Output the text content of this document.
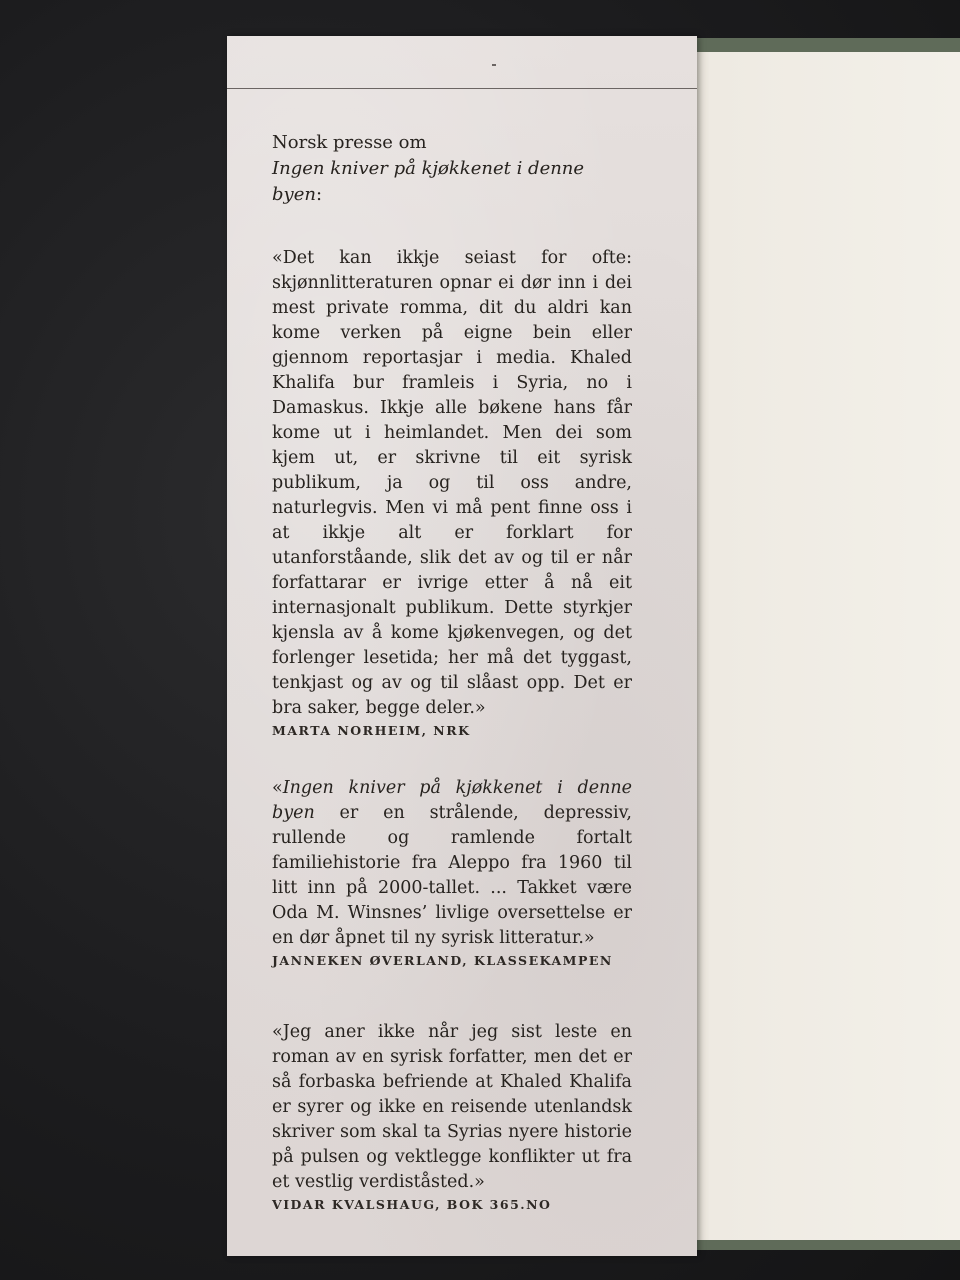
Norsk presse om
Ingen kniver på kjøkkenet i denne byen:

«Det kan ikkje seiast for ofte: skjønnlitteraturen opnar ei dør inn i dei mest private romma, dit du aldri kan kome verken på eigne bein eller gjennom reportasjar i media. Khaled Khalifa bur framleis i Syria, no i Damaskus. Ikkje alle bøkene hans får kome ut i heimlandet. Men dei som kjem ut, er skrivne til eit syrisk publikum, ja og til oss andre, naturlegvis. Men vi må pent finne oss i at ikkje alt er forklart for utanforståande, slik det av og til er når forfattarar er ivrige etter å nå eit internasjonalt publikum. Dette styrkjer kjensla av å kome kjøkenvegen, og det forlenger lesetida; her må det tyggast, tenkjast og av og til slåast opp. Det er bra saker, begge deler.»

MARTA NORHEIM, NRK

«Ingen kniver på kjøkkenet i denne byen er en strålende, depressiv, rullende og ramlende fortalt familiehistorie fra Aleppo fra 1960 til litt inn på 2000-tallet. ... Takket være Oda M. Winsnes’ livlige oversettelse er en dør åpnet til ny syrisk litteratur.»

JANNEKEN ØVERLAND, KLASSEKAMPEN

«Jeg aner ikke når jeg sist leste en roman av en syrisk forfatter, men det er så forbaska befriende at Khaled Khalifa er syrer og ikke en reisende utenlandsk skriver som skal ta Syrias nyere historie på pulsen og vektlegge konflikter ut fra et vestlig verdiståsted.»

VIDAR KVALSHAUG, BOK 365.NO
